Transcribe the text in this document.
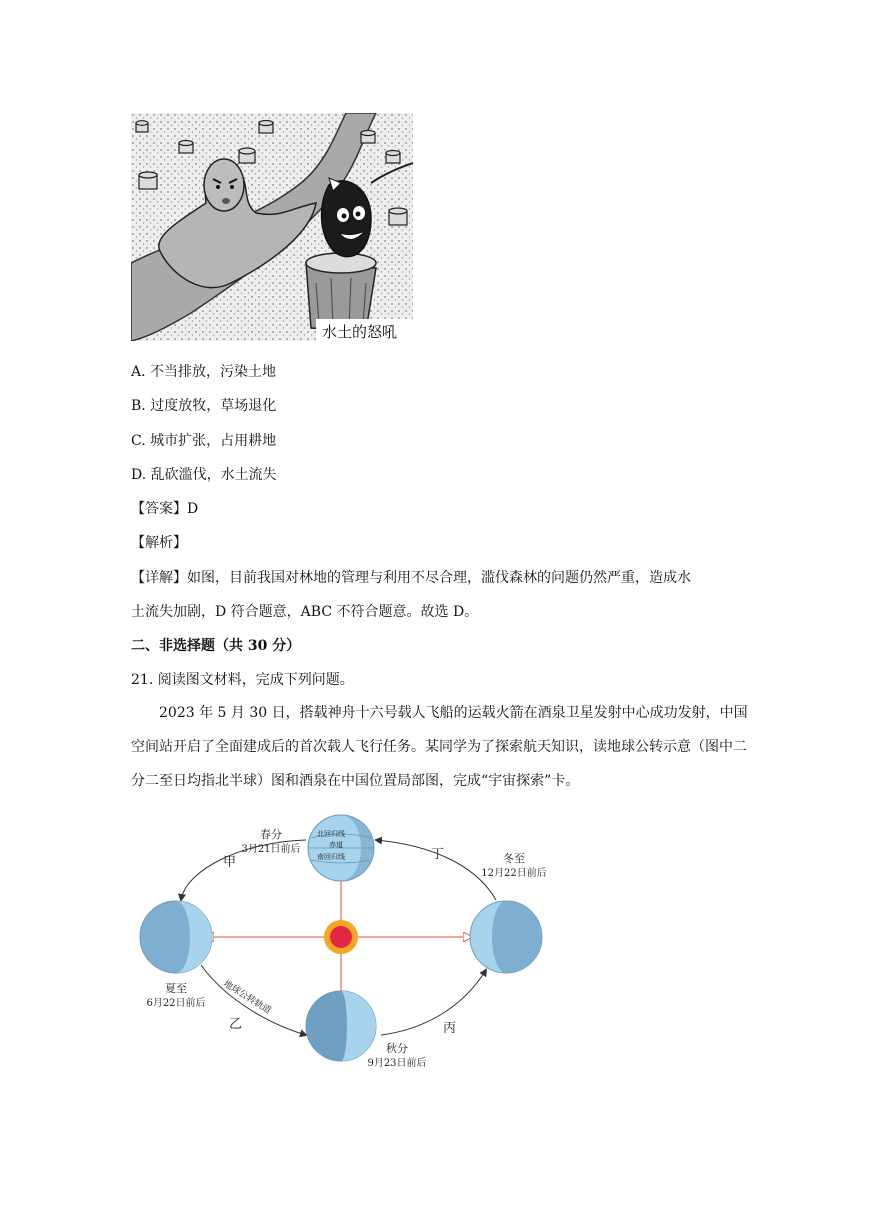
水土的怒吼
A. 不当排放，污染土地
B. 过度放牧，草场退化
C. 城市扩张，占用耕地
D. 乱砍滥伐，水土流失
【答案】D
【解析】
【详解】如图，目前我国对林地的管理与利用不尽合理，滥伐森林的问题仍然严重，造成水
土流失加剧，D 符合题意，ABC 不符合题意。故选 D。
二、非选择题（共 30 分）
21. 阅读图文材料，完成下列问题。
2023 年 5 月 30 日，搭载神舟十六号载人飞船的运载火箭在酒泉卫星发射中心成功发射，中国空间站开启了全面建成后的首次载人飞行任务。某同学为了探索航天知识，读地球公转示意（图中二分二至日均指北半球）图和酒泉在中国位置局部图，完成“宇宙探索”卡。
北回归线
赤道
南回归线
春分
3月21日前后
夏至
6月22日前后
冬至
12月22日前后
秋分
9月23日前后
甲
乙	丙
丁
地球公转轨道
